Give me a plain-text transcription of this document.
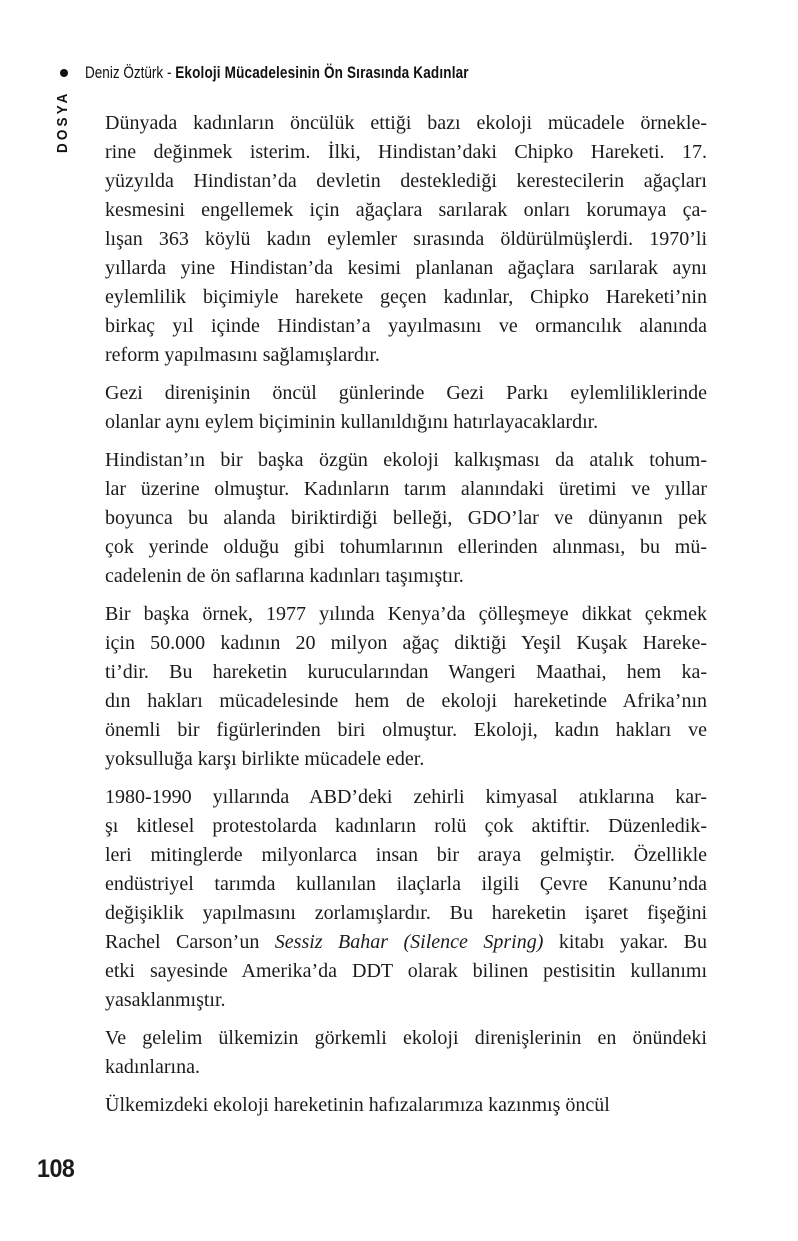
Deniz Öztürk - Ekoloji Mücadelesinin Ön Sırasında Kadınlar
DOSYA Dünyada kadınların öncülük ettiği bazı ekoloji mücadele örnekle-
rine değinmek isterim. İlki, Hindistan’daki Chipko Hareketi. 17.
yüzyılda Hindistan’da devletin desteklediği kerestecilerin ağaçları
kesmesini engellemek için ağaçlara sarılarak onları korumaya ça-
lışan 363 köylü kadın eylemler sırasında öldürülmüşlerdi. 1970’li
yıllarda yine Hindistan’da kesimi planlanan ağaçlara sarılarak aynı
eylemlilik biçimiyle harekete geçen kadınlar, Chipko Hareketi’nin
birkaç yıl içinde Hindistan’a yayılmasını ve ormancılık alanında
reform yapılmasını sağlamışlardır.
Gezi direnişinin öncül günlerinde Gezi Parkı eylemliliklerinde
olanlar aynı eylem biçiminin kullanıldığını hatırlayacaklardır.
Hindistan’ın bir başka özgün ekoloji kalkışması da atalık tohum-
lar üzerine olmuştur. Kadınların tarım alanındaki üretimi ve yıllar
boyunca bu alanda biriktirdiği belleği, GDO’lar ve dünyanın pek
çok yerinde olduğu gibi tohumlarının ellerinden alınması, bu mü-
cadelenin de ön saflarına kadınları taşımıştır.
Bir başka örnek, 1977 yılında Kenya’da çölleşmeye dikkat çekmek
için 50.000 kadının 20 milyon ağaç diktiği Yeşil Kuşak Hareke-
ti’dir. Bu hareketin kurucularından Wangeri Maathai, hem ka-
dın hakları mücadelesinde hem de ekoloji hareketinde Afrika’nın
önemli bir figürlerinden biri olmuştur. Ekoloji, kadın hakları ve
yoksulluğa karşı birlikte mücadele eder.
1980-1990 yıllarında ABD’deki zehirli kimyasal atıklarına kar-
şı kitlesel protestolarda kadınların rolü çok aktiftir. Düzenledik-
leri mitinglerde milyonlarca insan bir araya gelmiştir. Özellikle
endüstriyel tarımda kullanılan ilaçlarla ilgili Çevre Kanunu’nda
değişiklik yapılmasını zorlamışlardır. Bu hareketin işaret fişeğini
Rachel Carson’un Sessiz Bahar (Silence Spring) kitabı yakar. Bu
etki sayesinde Amerika’da DDT olarak bilinen pestisitin kullanımı
yasaklanmıştır.
Ve gelelim ülkemizin görkemli ekoloji direnişlerinin en önündeki
kadınlarına.
Ülkemizdeki ekoloji hareketinin hafızalarımıza kazınmış öncül
108
